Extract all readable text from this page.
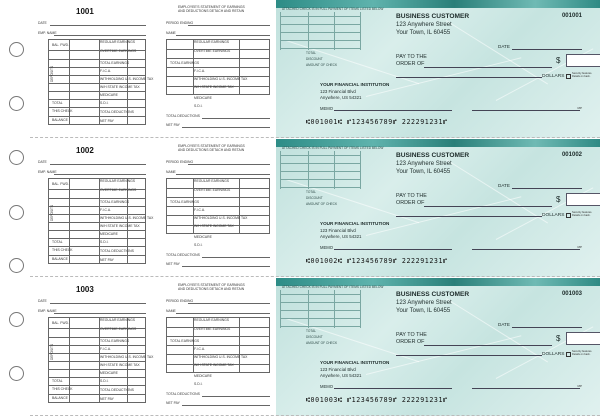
1001
DATE
EMP. NAME
BAL. FWD.
DEPOSITS
TOTAL
THIS CHECK
BALANCE
REGULAR EARNINGS
OVERTIME EARNINGS
TOTAL EARNINGS
F.I.C.A.
WITHHOLDING U.S. INCOME TAX
W/H STATE INCOME TAX
MEDICARE
S.D.I.
TOTAL DEDUCTIONS
NET PAY
EMPLOYEE'S STATEMENT OF EARNINGS
AND DEDUCTIONS DETACH AND RETAIN
PERIOD ENDING
NAME
REGULAR EARNINGS
OVERTIME EARNINGS
TOTAL EARNINGS
F.I.C.A.
WITHHOLDING U.S. INCOME TAX
W/H STATE INCOME TAX
MEDICARE
S.D.I.
TOTAL DEDUCTIONS
NET PAY
ATTACHED CHECK IS IN FULL PAYMENT OF ITEMS LISTED BELOW
TOTAL
DISCOUNT
AMOUNT OF CHECK
BUSINESS CUSTOMER
123 Anywhere Street
Your Town, IL 60455
001001
DATE
PAY TO THE
ORDER OF	$
DOLLARS
Security features. Details on back.
YOUR FINANCIAL INSTITUTION
123 Financial Blvd
Anywhere, US 54321
MEMO	MP
⑆001001⑆ ⑈123456789⑈ 222291231⑈
1002
DATE
EMP. NAME
BAL. FWD.
DEPOSITS
TOTAL
THIS CHECK
BALANCE
REGULAR EARNINGS
OVERTIME EARNINGS
TOTAL EARNINGS
F.I.C.A.
WITHHOLDING U.S. INCOME TAX
W/H STATE INCOME TAX
MEDICARE
S.D.I.
TOTAL DEDUCTIONS
NET PAY
EMPLOYEE'S STATEMENT OF EARNINGS
AND DEDUCTIONS DETACH AND RETAIN
PERIOD ENDING
NAME
REGULAR EARNINGS
OVERTIME EARNINGS
TOTAL EARNINGS
F.I.C.A.
WITHHOLDING U.S. INCOME TAX
W/H STATE INCOME TAX
MEDICARE
S.D.I.
TOTAL DEDUCTIONS
NET PAY
ATTACHED CHECK IS IN FULL PAYMENT OF ITEMS LISTED BELOW
TOTAL
DISCOUNT
AMOUNT OF CHECK
BUSINESS CUSTOMER
123 Anywhere Street
Your Town, IL 60455
001002
DATE
PAY TO THE
ORDER OF	$
DOLLARS
Security features. Details on back.
YOUR FINANCIAL INSTITUTION
123 Financial Blvd
Anywhere, US 54321
MEMO	MP
⑆001002⑆ ⑈123456789⑈ 222291231⑈
1003
DATE
EMP. NAME
BAL. FWD.
DEPOSITS
TOTAL
THIS CHECK
BALANCE
REGULAR EARNINGS
OVERTIME EARNINGS
TOTAL EARNINGS
F.I.C.A.
WITHHOLDING U.S. INCOME TAX
W/H STATE INCOME TAX
MEDICARE
S.D.I.
TOTAL DEDUCTIONS
NET PAY
EMPLOYEE'S STATEMENT OF EARNINGS
AND DEDUCTIONS DETACH AND RETAIN
PERIOD ENDING
NAME
REGULAR EARNINGS
OVERTIME EARNINGS
TOTAL EARNINGS
F.I.C.A.
WITHHOLDING U.S. INCOME TAX
W/H STATE INCOME TAX
MEDICARE
S.D.I.
TOTAL DEDUCTIONS
NET PAY
ATTACHED CHECK IS IN FULL PAYMENT OF ITEMS LISTED BELOW
TOTAL
DISCOUNT
AMOUNT OF CHECK
BUSINESS CUSTOMER
123 Anywhere Street
Your Town, IL 60455
001003
DATE
PAY TO THE
ORDER OF	$
DOLLARS
Security features. Details on back.
YOUR FINANCIAL INSTITUTION
123 Financial Blvd
Anywhere, US 54321
MEMO	MP
⑆001003⑆ ⑈123456789⑈ 222291231⑈
